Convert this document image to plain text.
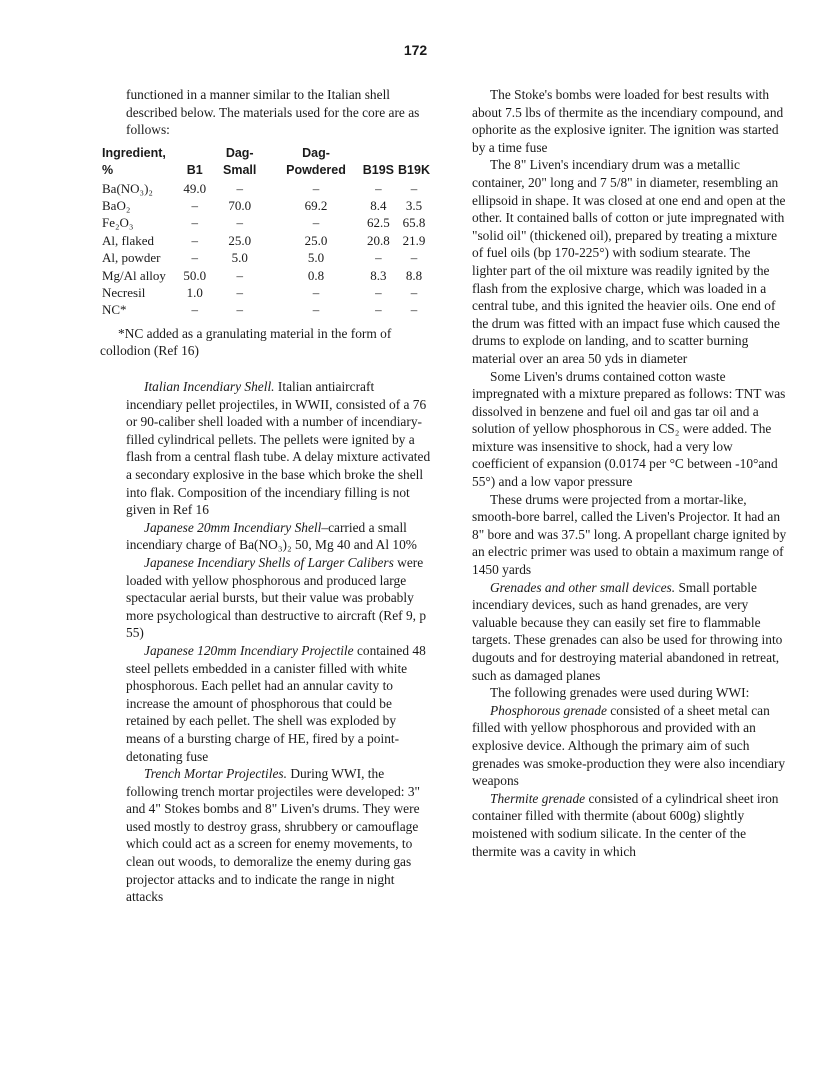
172

functioned in a manner similar to the Italian shell described below. The materials used for the core are as follows:

Ingredient, %	B1	Dag-Small	Dag-Powdered	B19S	B19K
Ba(NO₃)₂	49.0	–	–	–	–
BaO₂	–	70.0	69.2	8.4	3.5
Fe₂O₃	–	–	–	62.5	65.8
Al, flaked	–	25.0	25.0	20.8	21.9
Al, powder	–	5.0	5.0	–	–
Mg/Al alloy	50.0	–	0.8	8.3	8.8
Necresil	1.0	–	–	–	–
NC*	–	–	–	–	–

*NC added as a granulating material in the form of collodion (Ref 16)

Italian Incendiary Shell. Italian antiaircraft incendiary pellet projectiles, in WWII, consisted of a 76 or 90-caliber shell loaded with a number of incendiary-filled cylindrical pellets. The pellets were ignited by a flash from a central flash tube. A delay mixture activated a secondary explosive in the base which broke the shell into flak. Composition of the incendiary filling is not given in Ref 16

Japanese 20mm Incendiary Shell–carried a small incendiary charge of Ba(NO₃)₂ 50, Mg 40 and Al 10%

Japanese Incendiary Shells of Larger Calibers were loaded with yellow phosphorous and produced large spectacular aerial bursts, but their value was probably more psychological than destructive to aircraft (Ref 9, p 55)

Japanese 120mm Incendiary Projectile contained 48 steel pellets embedded in a canister filled with white phosphorous. Each pellet had an annular cavity to increase the amount of phosphorous that could be retained by each pellet. The shell was exploded by means of a bursting charge of HE, fired by a point-detonating fuse

Trench Mortar Projectiles. During WWI, the following trench mortar projectiles were developed: 3" and 4" Stokes bombs and 8" Liven's drums. They were used mostly to destroy grass, shrubbery or camouflage which could act as a screen for enemy movements, to clean out woods, to demoralize the enemy during gas projector attacks and to indicate the range in night attacks

The Stoke's bombs were loaded for best results with about 7.5 lbs of thermite as the incendiary compound, and ophorite as the explosive igniter. The ignition was started by a time fuse

The 8" Liven's incendiary drum was a metallic container, 20" long and 7 5/8" in diameter, resembling an ellipsoid in shape. It was closed at one end and open at the other. It contained balls of cotton or jute impregnated with "solid oil" (thickened oil), prepared by treating a mixture of fuel oils (bp 170-225°) with sodium stearate. The lighter part of the oil mixture was readily ignited by the flash from the explosive charge, which was loaded in a central tube, and this ignited the heavier oils. One end of the drum was fitted with an impact fuse which caused the drums to explode on landing, and to scatter burning material over an area 50 yds in diameter

Some Liven's drums contained cotton waste impregnated with a mixture prepared as follows: TNT was dissolved in benzene and fuel oil and gas tar oil and a solution of yellow phosphorous in CS₂ were added. The mixture was insensitive to shock, had a very low coefficient of expansion (0.0174 per °C between -10°and 55°) and a low vapor pressure

These drums were projected from a mortar-like, smooth-bore barrel, called the Liven's Projector. It had an 8" bore and was 37.5" long. A propellant charge ignited by an electric primer was used to obtain a maximum range of 1450 yards

Grenades and other small devices. Small portable incendiary devices, such as hand grenades, are very valuable because they can easily set fire to flammable targets. These grenades can also be used for throwing into dugouts and for destroying material abandoned in retreat, such as damaged planes

The following grenades were used during WWI:

Phosphorous grenade consisted of a sheet metal can filled with yellow phosphorous and provided with an explosive device. Although the primary aim of such grenades was smoke-production they were also incendiary weapons

Thermite grenade consisted of a cylindrical sheet iron container filled with thermite (about 600g) slightly moistened with sodium silicate. In the center of the thermite was a cavity in which
